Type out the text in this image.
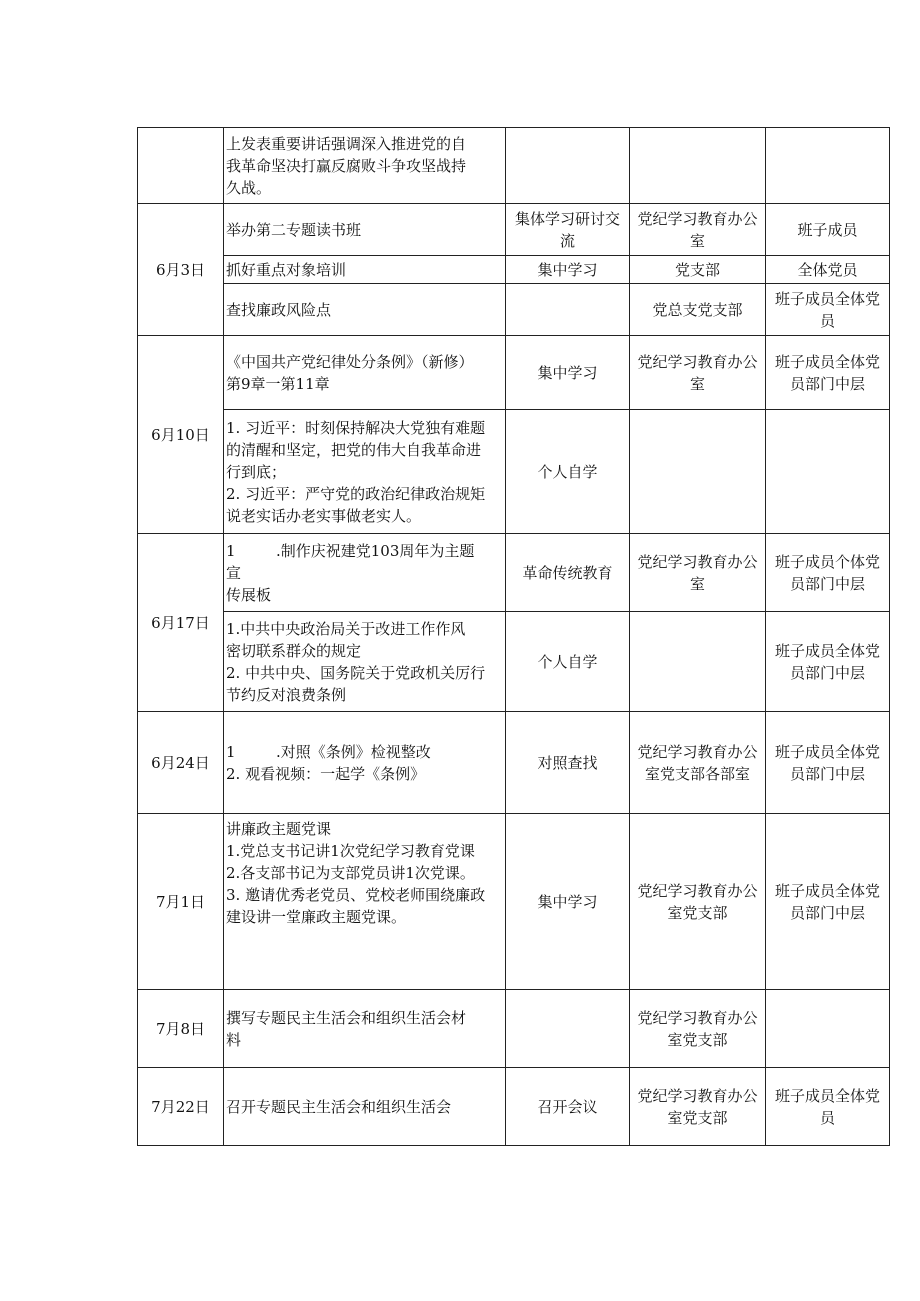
	上发表重要讲话强调深入推进党的自
我革命坚决打赢反腐败斗争攻坚战持
久战。			

6月3日	举办第二专题读书班	集体学习研讨交流	党纪学习教育办公室	班子成员
	抓好重点对象培训	集中学习	党支部	全体党员
	查找廉政风险点		党总支党支部	班子成员全体党员
6月10日	《中国共产党纪律处分条例》（新修）
第9章一第11章	集中学习	党纪学习教育办公室	班子成员全体党员部门中层

	1. 习近平：时刻保持解决大党独有难题
的清醒和坚定，把党的伟大自我革命进
行到底；
2. 习近平：严守党的政治纪律政治规矩
说老实话办老实事做老实人。	个人自学		
6月17日	1 .制作庆祝建党103周年为主题
宣
传展板	革命传统教育	党纪学习教育办公室	班子成员个体党员部门中层

	1.中共中央政治局关于改进工作作风
密切联系群众的规定
2. 中共中央、国务院关于党政机关厉行
节约反对浪费条例	个人自学		班子成员全体党员部门中层
6月24日	1 .对照《条例》检视整改
2. 观看视频：一起学《条例》	对照查找	党纪学习教育办公室党支部各部室	班子成员全体党员部门中层
7月1日	讲廉政主题党课
1.党总支书记讲1次党纪学习教育党课
2.各支部书记为支部党员讲1次党课。
3. 邀请优秀老党员、党校老师围绕廉政
建设讲一堂廉政主题党课。	集中学习	党纪学习教育办公室党支部	班子成员全体党员部门中层
7月8日	撰写专题民主生活会和组织生活会材
料		党纪学习教育办公室党支部	
7月22日	召开专题民主生活会和组织生活会	召开会议	党纪学习教育办公室党支部	班子成员全体党员
